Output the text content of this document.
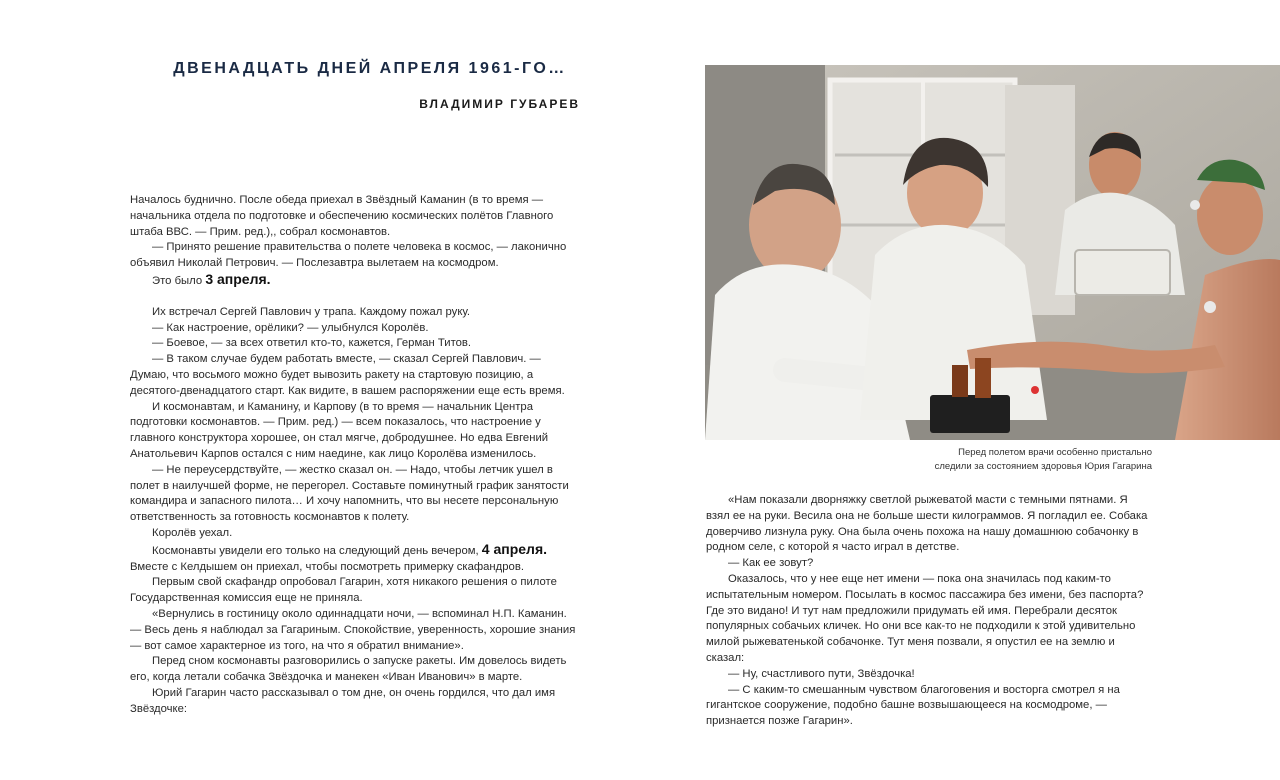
ДВЕНАДЦАТЬ ДНЕЙ АПРЕЛЯ 1961-ГО…
ВЛАДИМИР ГУБАРЕВ

Началось буднично. После обеда приехал в Звёздный Каманин (в то время — начальника отдела по подготовке и обеспечению космических полётов Главного штаба ВВС. — Прим. ред.),, собрал космонавтов.

— Принято решение правительства о полете человека в космос, — лаконично объявил Николай Петрович. — Послезавтра вылетаем на космодром.

Это было 3 апреля.

Их встречал Сергей Павлович у трапа. Каждому пожал руку.

— Как настроение, орёлики? — улыбнулся Королёв.

— Боевое, — за всех ответил кто-то, кажется, Герман Титов.

— В таком случае будем работать вместе, — сказал Сергей Павлович. — Думаю, что восьмого можно будет вывозить ракету на стартовую позицию, а десятого-двенадцатого старт. Как видите, в вашем распоряжении еще есть время.

И космонавтам, и Каманину, и Карпову (в то время — начальник Центра подготовки космонавтов. — Прим. ред.) — всем показалось, что настроение у главного конструктора хорошее, он стал мягче, добродушнее. Но едва Евгений Анатольевич Карпов остался с ним наедине, как лицо Королёва изменилось.

— Не переусердствуйте, — жестко сказал он. — Надо, чтобы летчик ушел в полет в наилучшей форме, не перегорел. Составьте поминутный график занятости командира и запасного пилота… И хочу напомнить, что вы несете персональную ответственность за готовность космонавтов к полету.

Королёв уехал.

Космонавты увидели его только на следующий день вечером, 4 апреля. Вместе с Келдышем он приехал, чтобы посмотреть примерку скафандров.

Первым свой скафандр опробовал Гагарин, хотя никакого решения о пилоте Государственная комиссия еще не приняла.

«Вернулись в гостиницу около одиннадцати ночи, — вспоминал Н.П. Каманин. — Весь день я наблюдал за Гагариным. Спокойствие, уверенность, хорошие знания — вот самое характерное из того, на что я обратил внимание».

Перед сном космонавты разговорились о запуске ракеты. Им довелось видеть его, когда летали собачка Звёздочка и манекен «Иван Иванович» в марте.

Юрий Гагарин часто рассказывал о том дне, он очень гордился, что дал имя Звёздочке:

Перед полетом врачи особенно пристально
следили за состоянием здоровья Юрия Гагарина

«Нам показали дворняжку светлой рыжеватой масти с темными пятнами. Я взял ее на руки. Весила она не больше шести килограммов. Я погладил ее. Собака доверчиво лизнула руку. Она была очень похожа на нашу домашнюю собачонку в родном селе, с которой я часто играл в детстве.

— Как ее зовут?

Оказалось, что у нее еще нет имени — пока она значилась под каким-то испытательным номером. Посылать в космос пассажира без имени, без паспорта? Где это видано! И тут нам предложили придумать ей имя. Перебрали десяток популярных собачьих кличек. Но они все как-то не подходили к этой удивительно милой рыжеватенькой собачонке. Тут меня позвали, я опустил ее на землю и сказал:

— Ну, счастливого пути, Звёздочка!

— С каким-то смешанным чувством благоговения и восторга смотрел я на гигантское сооружение, подобно башне возвышающееся на космодроме, — признается позже Гагарин».
